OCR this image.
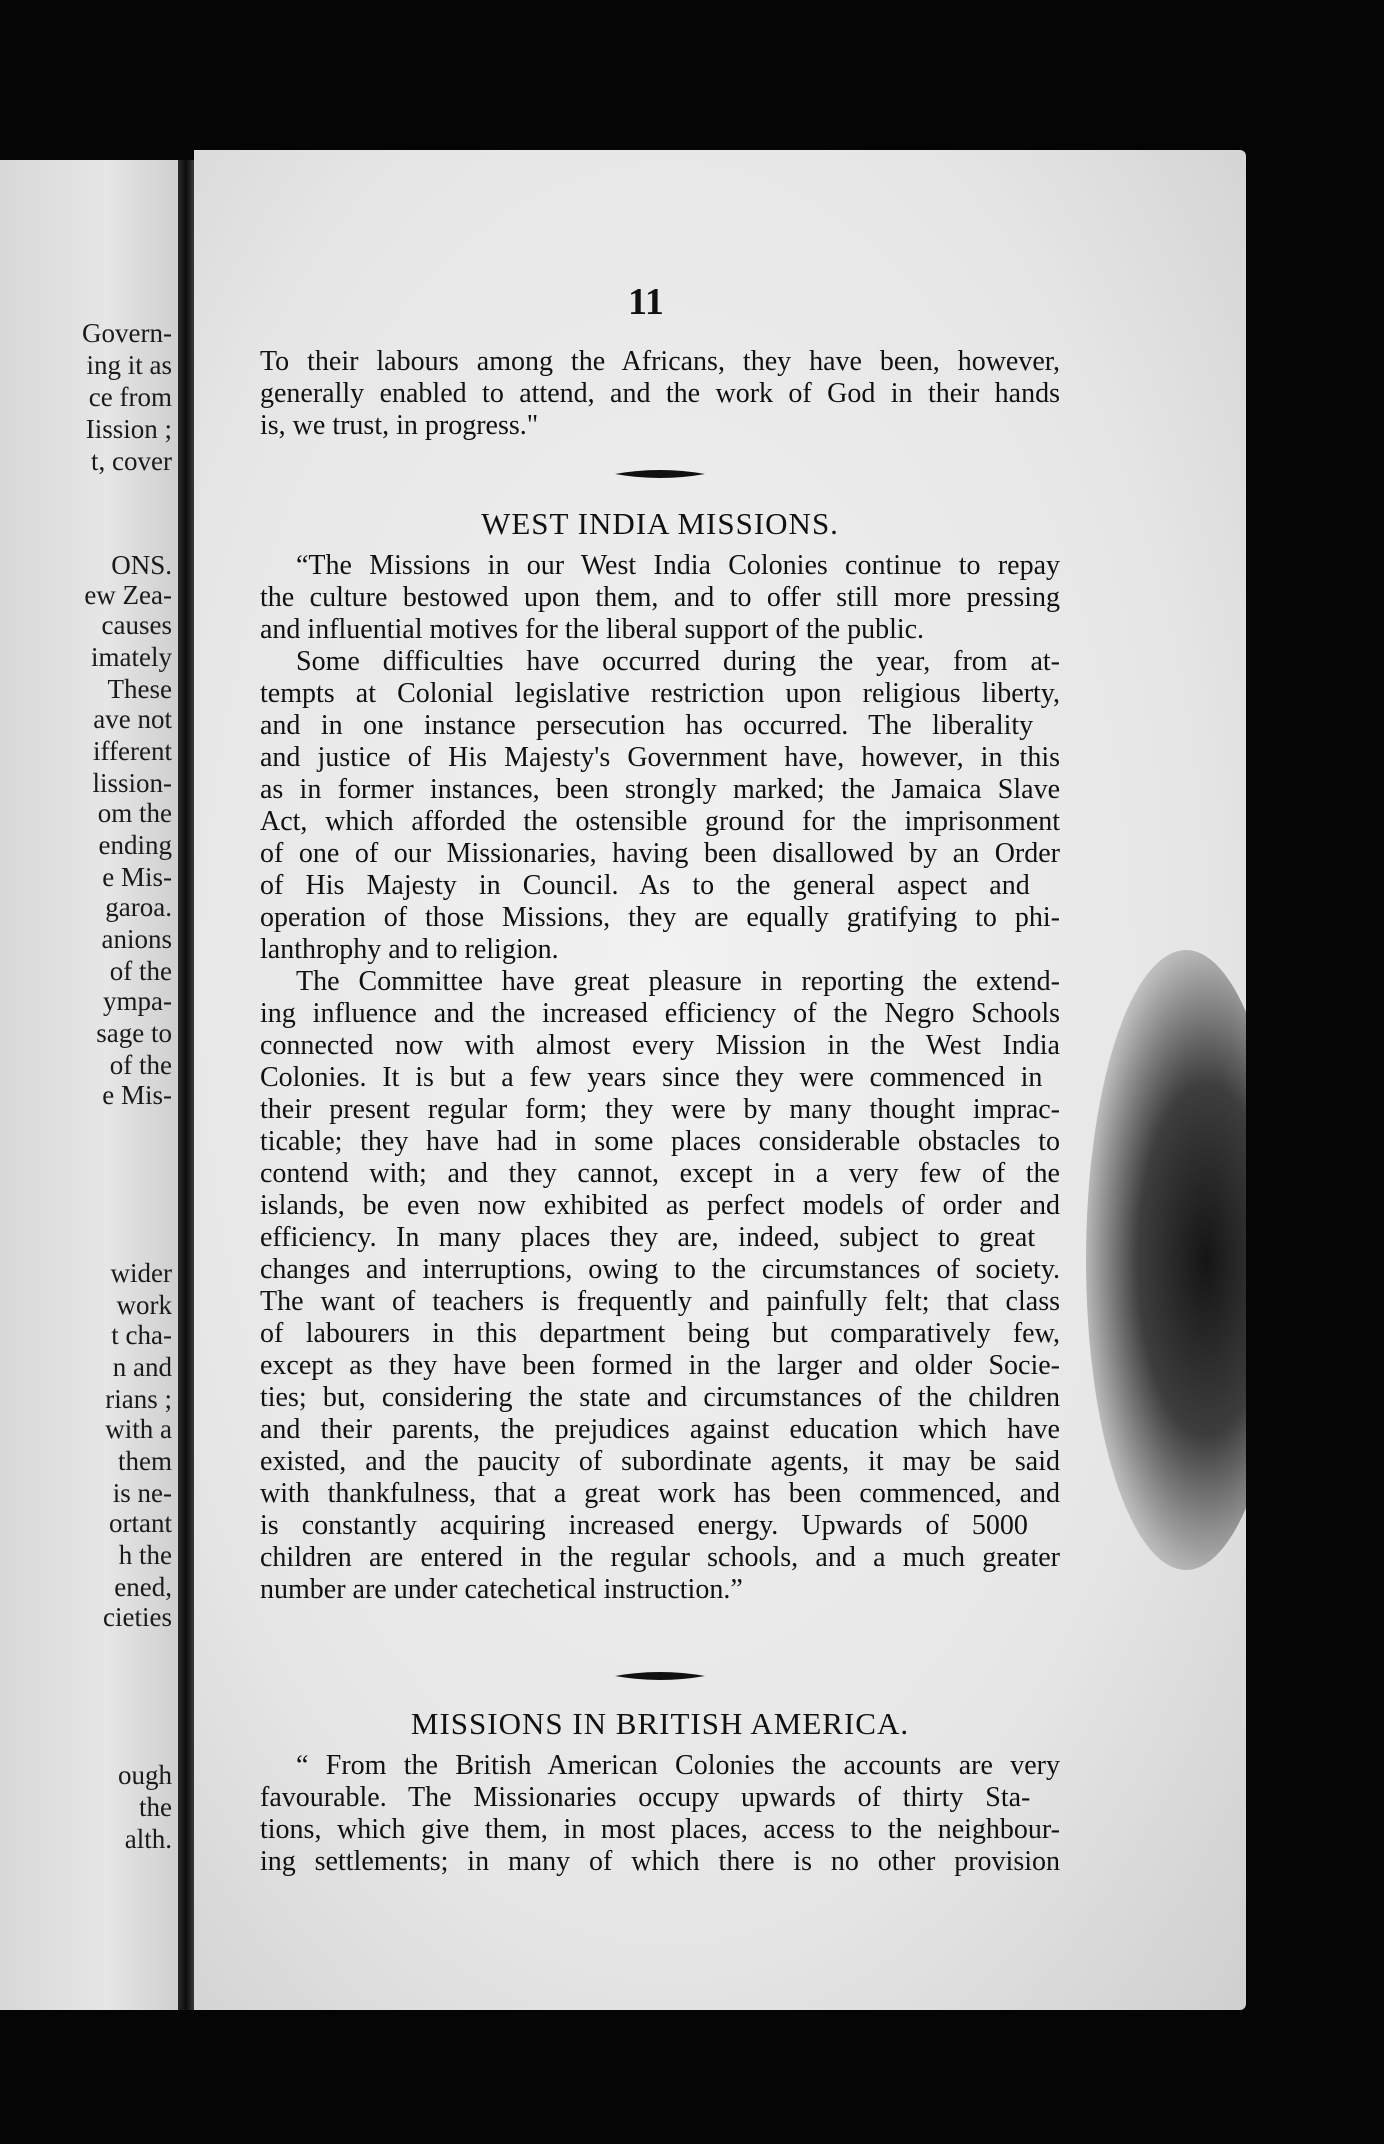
Govern-
ing it as
ce from
Iission ;
t, cover
ONS.
ew Zea-
causes
imately
These
ave not
ifferent
lission-
om the
ending
e Mis-
garoa.
anions
of the
ympa-
sage to
of the
e Mis-
wider
work
t cha-
n and
rians ;
with a
them
is ne-
ortant
h the
ened,
cieties
ough
the
alth.
11
To their labours among the Africans, they have been, however,
generally enabled to attend, and the work of God in their hands
is, we trust, in progress."
WEST INDIA MISSIONS.
“The Missions in our West India Colonies continue to repay
the culture bestowed upon them, and to offer still more pressing
and influential motives for the liberal support of the public.
Some difficulties have occurred during the year, from at-
tempts at Colonial legislative restriction upon religious liberty,
and in one instance persecution has occurred. The liberality
and justice of His Majesty's Government have, however, in this
as in former instances, been strongly marked; the Jamaica Slave
Act, which afforded the ostensible ground for the imprisonment
of one of our Missionaries, having been disallowed by an Order
of His Majesty in Council. As to the general aspect and
operation of those Missions, they are equally gratifying to phi-
lanthrophy and to religion.
The Committee have great pleasure in reporting the extend-
ing influence and the increased efficiency of the Negro Schools
connected now with almost every Mission in the West India
Colonies. It is but a few years since they were commenced in
their present regular form; they were by many thought imprac-
ticable; they have had in some places considerable obstacles to
contend with; and they cannot, except in a very few of the
islands, be even now exhibited as perfect models of order and
efficiency. In many places they are, indeed, subject to great
changes and interruptions, owing to the circumstances of society.
The want of teachers is frequently and painfully felt; that class
of labourers in this department being but comparatively few,
except as they have been formed in the larger and older Socie-
ties; but, considering the state and circumstances of the children
and their parents, the prejudices against education which have
existed, and the paucity of subordinate agents, it may be said
with thankfulness, that a great work has been commenced, and
is constantly acquiring increased energy. Upwards of 5000
children are entered in the regular schools, and a much greater
number are under catechetical instruction.”
MISSIONS IN BRITISH AMERICA.
“ From the British American Colonies the accounts are very
favourable. The Missionaries occupy upwards of thirty Sta-
tions, which give them, in most places, access to the neighbour-
ing settlements; in many of which there is no other provision
